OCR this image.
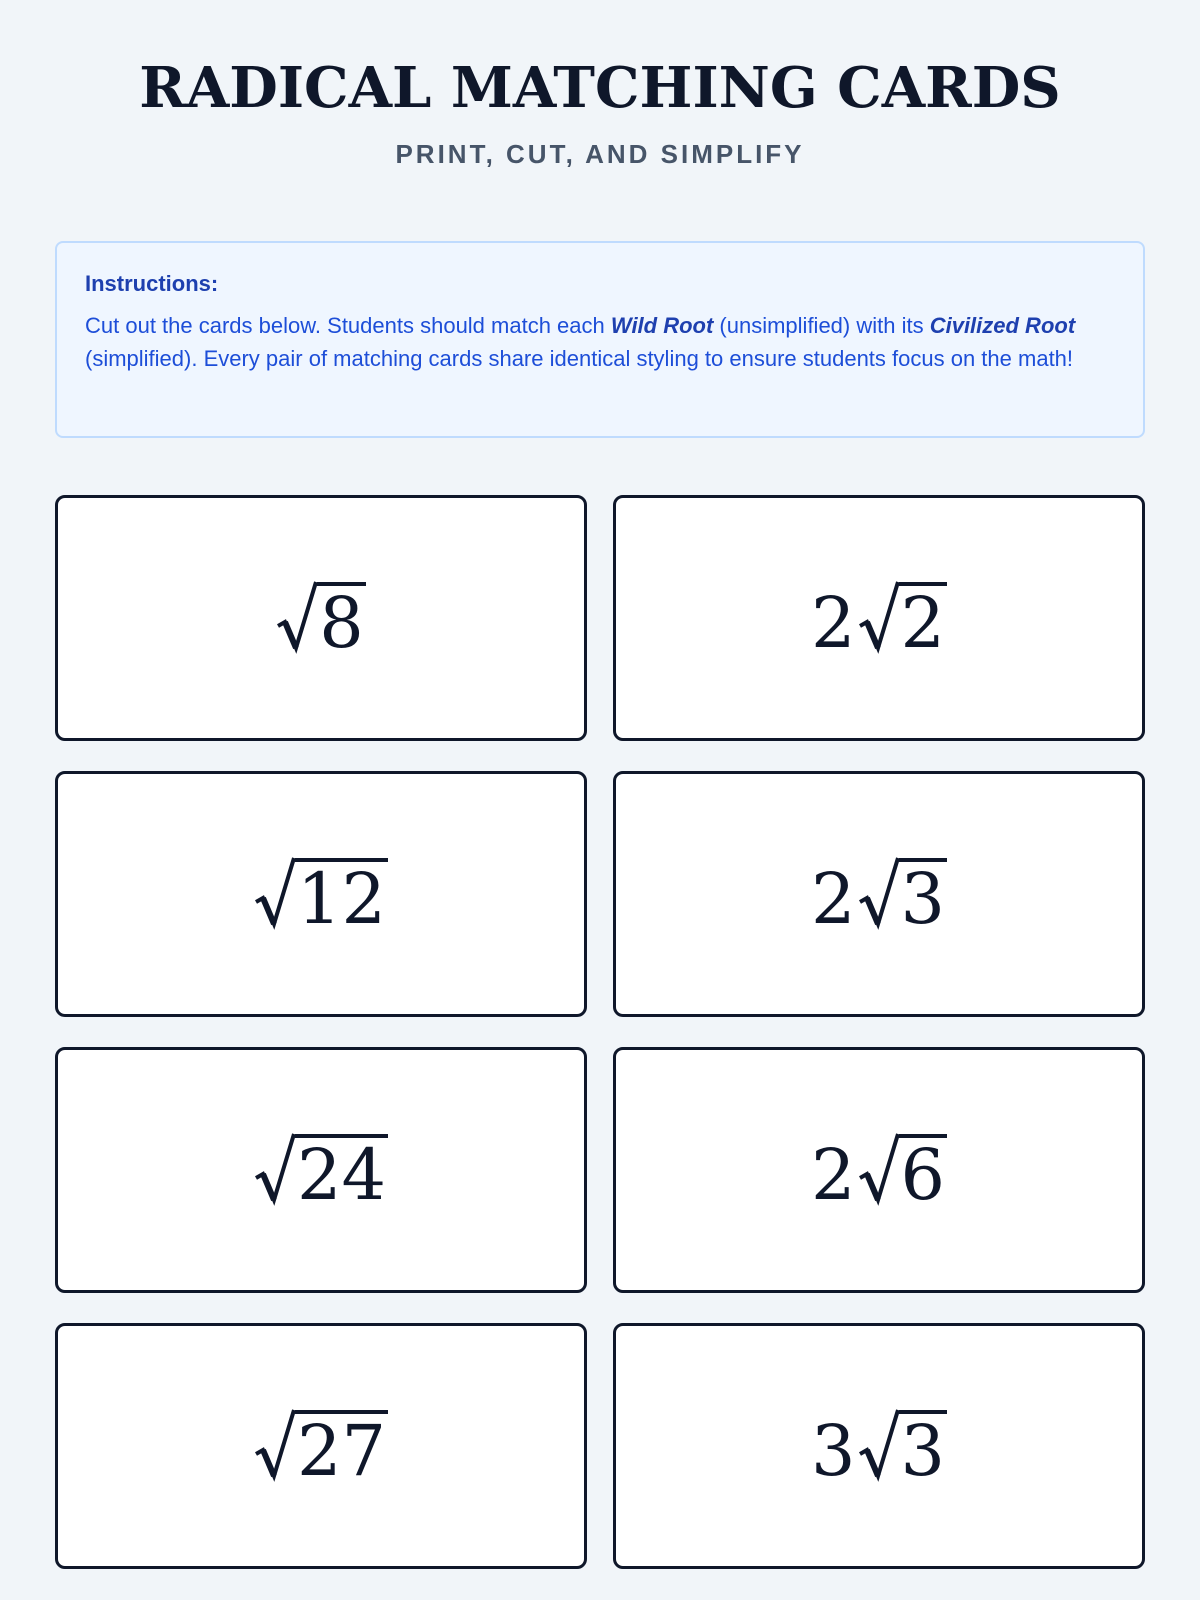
RADICAL MATCHING CARDS
PRINT, CUT, AND SIMPLIFY
Instructions:

Cut out the cards below. Students should match each Wild Root (unsimplified) with its Civilized Root (simplified). Every pair of matching cards share identical styling to ensure students focus on the math!

8	2 2
12	2 3
24	2 6
27	3 3
